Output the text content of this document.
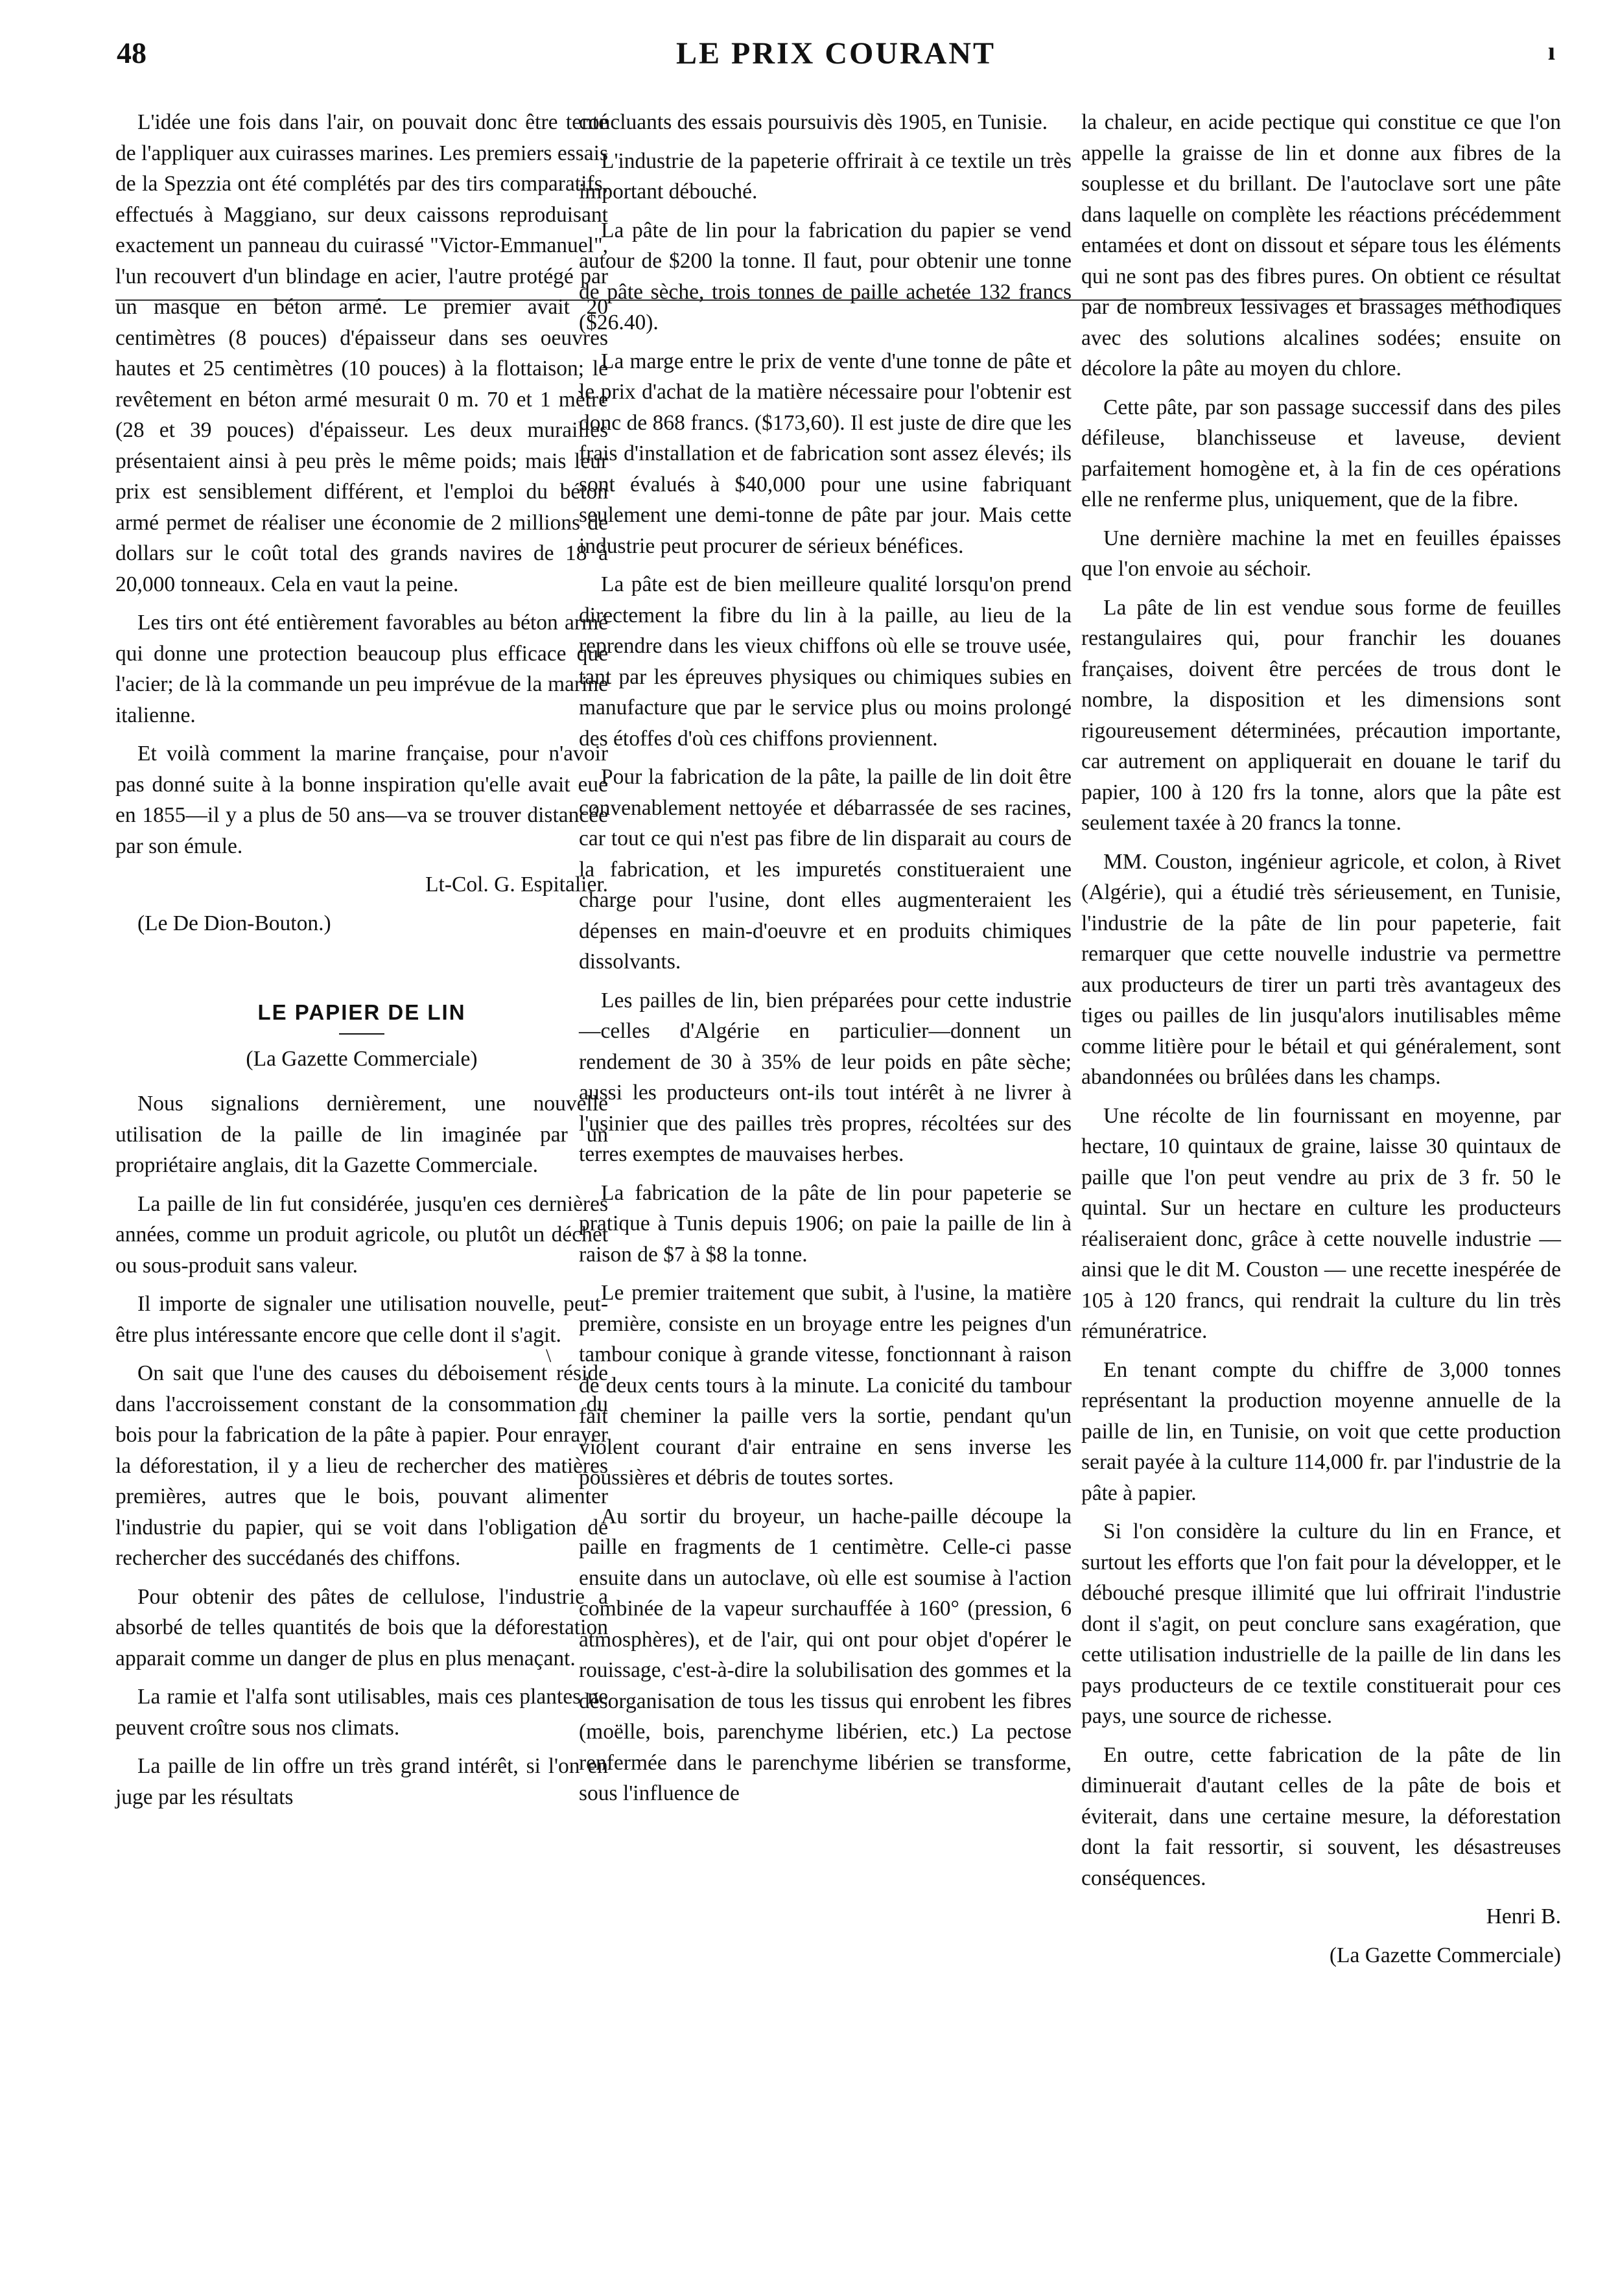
48	LE PRIX COURANT	ı

L'idée une fois dans l'air, on pouvait donc être tenté de l'appliquer aux cuirasses marines. Les premiers essais de la Spezzia ont été complétés par des tirs comparatifs, effectués à Maggiano, sur deux caissons reproduisant exactement un panneau du cuirassé "Victor-Emmanuel", l'un recouvert d'un blindage en acier, l'autre protégé par un masque en béton armé. Le premier avait 20 centimètres (8 pouces) d'épaisseur dans ses oeuvres hautes et 25 centimètres (10 pouces) à la flottaison; le revêtement en béton armé mesurait 0 m. 70 et 1 mètre (28 et 39 pouces) d'épaisseur. Les deux murailles présentaient ainsi à peu près le même poids; mais leur prix est sensiblement différent, et l'emploi du béton armé permet de réaliser une économie de 2 millions de dollars sur le coût total des grands navires de 18 à 20,000 tonneaux. Cela en vaut la peine.

Les tirs ont été entièrement favorables au béton armé qui donne une protection beaucoup plus efficace que l'acier; de là la commande un peu imprévue de la marine italienne.

Et voilà comment la marine française, pour n'avoir pas donné suite à la bonne inspiration qu'elle avait eue en 1855—il y a plus de 50 ans—va se trouver distancée par son émule.

Lt-Col. G. Espitalier.

(Le De Dion-Bouton.)

LE PAPIER DE LIN
(La Gazette Commerciale)

Nous signalions dernièrement, une nouvelle utilisation de la paille de lin imaginée par un propriétaire anglais, dit la Gazette Commerciale.

La paille de lin fut considérée, jusqu'en ces dernières années, comme un produit agricole, ou plutôt un déchet ou sous-produit sans valeur.

Il importe de signaler une utilisation nouvelle, peut-être plus intéressante encore que celle dont il s'agit.

On sait que l'une des causes du déboisement réside dans l'accroissement constant de la consommation du bois pour la fabrication de la pâte à papier. Pour enrayer la déforestation, il y a lieu de rechercher des matières premières, autres que le bois, pouvant alimenter l'industrie du papier, qui se voit dans l'obligation de rechercher des succédanés des chiffons.

Pour obtenir des pâtes de cellulose, l'industrie a absorbé de telles quantités de bois que la déforestation apparait comme un danger de plus en plus menaçant.

La ramie et l'alfa sont utilisables, mais ces plantes ne peuvent croître sous nos climats.

La paille de lin offre un très grand intérêt, si l'on en juge par les résultats

\

concluants des essais poursuivis dès 1905, en Tunisie.

L'industrie de la papeterie offrirait à ce textile un très important débouché.

La pâte de lin pour la fabrication du papier se vend autour de $200 la tonne. Il faut, pour obtenir une tonne de pâte sèche, trois tonnes de paille achetée 132 francs ($26.40).

La marge entre le prix de vente d'une tonne de pâte et le prix d'achat de la matière nécessaire pour l'obtenir est donc de 868 francs. ($173,60). Il est juste de dire que les frais d'installation et de fabrication sont assez élevés; ils sont évalués à $40,000 pour une usine fabriquant seulement une demi-tonne de pâte par jour. Mais cette industrie peut procurer de sérieux bénéfices.

La pâte est de bien meilleure qualité lorsqu'on prend directement la fibre du lin à la paille, au lieu de la reprendre dans les vieux chiffons où elle se trouve usée, tant par les épreuves physiques ou chimiques subies en manufacture que par le service plus ou moins prolongé des étoffes d'où ces chiffons proviennent.

Pour la fabrication de la pâte, la paille de lin doit être convenablement nettoyée et débarrassée de ses racines, car tout ce qui n'est pas fibre de lin disparait au cours de la fabrication, et les impuretés constitueraient une charge pour l'usine, dont elles augmenteraient les dépenses en main-d'oeuvre et en produits chimiques dissolvants.

Les pailles de lin, bien préparées pour cette industrie—celles d'Algérie en particulier—donnent un rendement de 30 à 35% de leur poids en pâte sèche; aussi les producteurs ont-ils tout intérêt à ne livrer à l'usinier que des pailles très propres, récoltées sur des terres exemptes de mauvaises herbes.

La fabrication de la pâte de lin pour papeterie se pratique à Tunis depuis 1906; on paie la paille de lin à raison de $7 à $8 la tonne.

Le premier traitement que subit, à l'usine, la matière première, consiste en un broyage entre les peignes d'un tambour conique à grande vitesse, fonctionnant à raison de deux cents tours à la minute. La conicité du tambour fait cheminer la paille vers la sortie, pendant qu'un violent courant d'air entraine en sens inverse les poussières et débris de toutes sortes.

Au sortir du broyeur, un hache-paille découpe la paille en fragments de 1 centimètre. Celle-ci passe ensuite dans un autoclave, où elle est soumise à l'action combinée de la vapeur surchauffée à 160° (pression, 6 atmosphères), et de l'air, qui ont pour objet d'opérer le rouissage, c'est-à-dire la solubilisation des gommes et la désorganisation de tous les tissus qui enrobent les fibres (moëlle, bois, parenchyme libérien, etc.) La pectose renfermée dans le parenchyme libérien se transforme, sous l'influence de

la chaleur, en acide pectique qui constitue ce que l'on appelle la graisse de lin et donne aux fibres de la souplesse et du brillant. De l'autoclave sort une pâte dans laquelle on complète les réactions précédemment entamées et dont on dissout et sépare tous les éléments qui ne sont pas des fibres pures. On obtient ce résultat par de nombreux lessivages et brassages méthodiques avec des solutions alcalines sodées; ensuite on décolore la pâte au moyen du chlore.

Cette pâte, par son passage successif dans des piles défileuse, blanchisseuse et laveuse, devient parfaitement homogène et, à la fin de ces opérations elle ne renferme plus, uniquement, que de la fibre.

Une dernière machine la met en feuilles épaisses que l'on envoie au séchoir.

La pâte de lin est vendue sous forme de feuilles restangulaires qui, pour franchir les douanes françaises, doivent être percées de trous dont le nombre, la disposition et les dimensions sont rigoureusement déterminées, précaution importante, car autrement on appliquerait en douane le tarif du papier, 100 à 120 frs la tonne, alors que la pâte est seulement taxée à 20 francs la tonne.

MM. Couston, ingénieur agricole, et colon, à Rivet (Algérie), qui a étudié très sérieusement, en Tunisie, l'industrie de la pâte de lin pour papeterie, fait remarquer que cette nouvelle industrie va permettre aux producteurs de tirer un parti très avantageux des tiges ou pailles de lin jusqu'alors inutilisables même comme litière pour le bétail et qui généralement, sont abandonnées ou brûlées dans les champs.

Une récolte de lin fournissant en moyenne, par hectare, 10 quintaux de graine, laisse 30 quintaux de paille que l'on peut vendre au prix de 3 fr. 50 le quintal. Sur un hectare en culture les producteurs réaliseraient donc, grâce à cette nouvelle industrie — ainsi que le dit M. Couston — une recette inespérée de 105 à 120 francs, qui rendrait la culture du lin très rémunératrice.

En tenant compte du chiffre de 3,000 tonnes représentant la production moyenne annuelle de la paille de lin, en Tunisie, on voit que cette production serait payée à la culture 114,000 fr. par l'industrie de la pâte à papier.

Si l'on considère la culture du lin en France, et surtout les efforts que l'on fait pour la développer, et le débouché presque illimité que lui offrirait l'industrie dont il s'agit, on peut conclure sans exagération, que cette utilisation industrielle de la paille de lin dans les pays producteurs de ce textile constituerait pour ces pays, une source de richesse.

En outre, cette fabrication de la pâte de lin diminuerait d'autant celles de la pâte de bois et éviterait, dans une certaine mesure, la déforestation dont la fait ressortir, si souvent, les désastreuses conséquences.

Henri B.

(La Gazette Commerciale)
